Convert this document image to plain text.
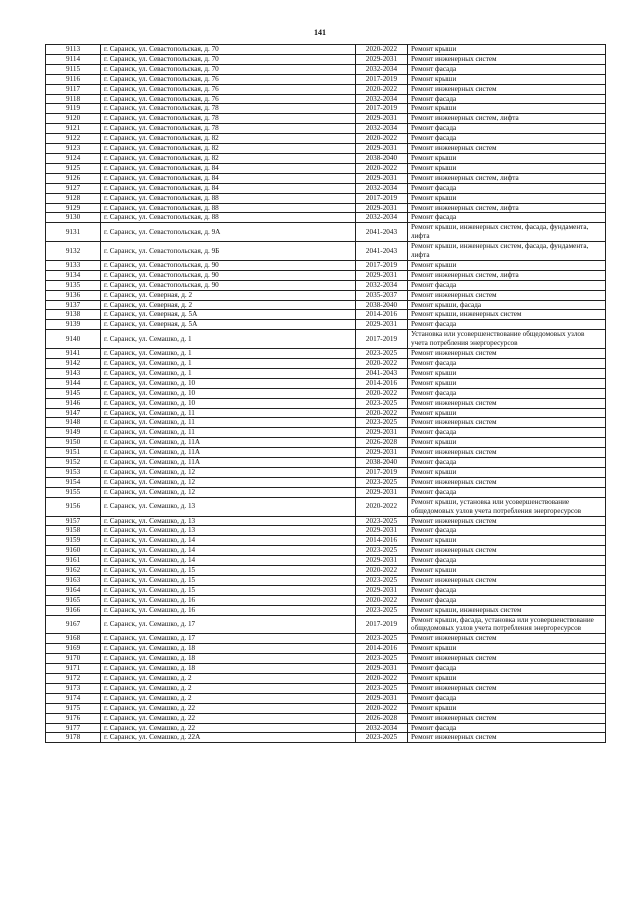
141
9113	г. Саранск, ул. Севастопольская, д. 70	2020-2022	Ремонт крыши
9114	г. Саранск, ул. Севастопольская, д. 70	2029-2031	Ремонт инженерных систем
9115	г. Саранск, ул. Севастопольская, д. 70	2032-2034	Ремонт фасада
9116	г. Саранск, ул. Севастопольская, д. 76	2017-2019	Ремонт крыши
9117	г. Саранск, ул. Севастопольская, д. 76	2020-2022	Ремонт инженерных систем
9118	г. Саранск, ул. Севастопольская, д. 76	2032-2034	Ремонт фасада
9119	г. Саранск, ул. Севастопольская, д. 78	2017-2019	Ремонт крыши
9120	г. Саранск, ул. Севастопольская, д. 78	2029-2031	Ремонт инженерных систем, лифта
9121	г. Саранск, ул. Севастопольская, д. 78	2032-2034	Ремонт фасада
9122	г. Саранск, ул. Севастопольская, д. 82	2020-2022	Ремонт фасада
9123	г. Саранск, ул. Севастопольская, д. 82	2029-2031	Ремонт инженерных систем
9124	г. Саранск, ул. Севастопольская, д. 82	2038-2040	Ремонт крыши
9125	г. Саранск, ул. Севастопольская, д. 84	2020-2022	Ремонт крыши
9126	г. Саранск, ул. Севастопольская, д. 84	2029-2031	Ремонт инженерных систем, лифта
9127	г. Саранск, ул. Севастопольская, д. 84	2032-2034	Ремонт фасада
9128	г. Саранск, ул. Севастопольская, д. 88	2017-2019	Ремонт крыши
9129	г. Саранск, ул. Севастопольская, д. 88	2029-2031	Ремонт инженерных систем, лифта
9130	г. Саранск, ул. Севастопольская, д. 88	2032-2034	Ремонт фасада
9131	г. Саранск, ул. Севастопольская, д. 9А	2041-2043	Ремонт крыши, инженерных систем, фасада, фундамента, лифта
9132	г. Саранск, ул. Севастопольская, д. 9Б	2041-2043	Ремонт крыши, инженерных систем, фасада, фундамента, лифта
9133	г. Саранск, ул. Севастопольская, д. 90	2017-2019	Ремонт крыши
9134	г. Саранск, ул. Севастопольская, д. 90	2029-2031	Ремонт инженерных систем, лифта
9135	г. Саранск, ул. Севастопольская, д. 90	2032-2034	Ремонт фасада
9136	г. Саранск, ул. Северная, д. 2	2035-2037	Ремонт инженерных систем
9137	г. Саранск, ул. Северная, д. 2	2038-2040	Ремонт крыши, фасада
9138	г. Саранск, ул. Северная, д. 5А	2014-2016	Ремонт крыши, инженерных систем
9139	г. Саранск, ул. Северная, д. 5А	2029-2031	Ремонт фасада
9140	г. Саранск, ул. Семашко, д. 1	2017-2019	Установка или усовершенствование общедомовых узлов учета потребления энергоресурсов
9141	г. Саранск, ул. Семашко, д. 1	2023-2025	Ремонт инженерных систем
9142	г. Саранск, ул. Семашко, д. 1	2020-2022	Ремонт фасада
9143	г. Саранск, ул. Семашко, д. 1	2041-2043	Ремонт крыши
9144	г. Саранск, ул. Семашко, д. 10	2014-2016	Ремонт крыши
9145	г. Саранск, ул. Семашко, д. 10	2020-2022	Ремонт фасада
9146	г. Саранск, ул. Семашко, д. 10	2023-2025	Ремонт инженерных систем
9147	г. Саранск, ул. Семашко, д. 11	2020-2022	Ремонт крыши
9148	г. Саранск, ул. Семашко, д. 11	2023-2025	Ремонт инженерных систем
9149	г. Саранск, ул. Семашко, д. 11	2029-2031	Ремонт фасада
9150	г. Саранск, ул. Семашко, д. 11А	2026-2028	Ремонт крыши
9151	г. Саранск, ул. Семашко, д. 11А	2029-2031	Ремонт инженерных систем
9152	г. Саранск, ул. Семашко, д. 11А	2038-2040	Ремонт фасада
9153	г. Саранск, ул. Семашко, д. 12	2017-2019	Ремонт крыши
9154	г. Саранск, ул. Семашко, д. 12	2023-2025	Ремонт инженерных систем
9155	г. Саранск, ул. Семашко, д. 12	2029-2031	Ремонт фасада
9156	г. Саранск, ул. Семашко, д. 13	2020-2022	Ремонт крыши, установка или усовершенствование общедомовых узлов учета потребления энергоресурсов
9157	г. Саранск, ул. Семашко, д. 13	2023-2025	Ремонт инженерных систем
9158	г. Саранск, ул. Семашко, д. 13	2029-2031	Ремонт фасада
9159	г. Саранск, ул. Семашко, д. 14	2014-2016	Ремонт крыши
9160	г. Саранск, ул. Семашко, д. 14	2023-2025	Ремонт инженерных систем
9161	г. Саранск, ул. Семашко, д. 14	2029-2031	Ремонт фасада
9162	г. Саранск, ул. Семашко, д. 15	2020-2022	Ремонт крыши
9163	г. Саранск, ул. Семашко, д. 15	2023-2025	Ремонт инженерных систем
9164	г. Саранск, ул. Семашко, д. 15	2029-2031	Ремонт фасада
9165	г. Саранск, ул. Семашко, д. 16	2020-2022	Ремонт фасада
9166	г. Саранск, ул. Семашко, д. 16	2023-2025	Ремонт крыши, инженерных систем
9167	г. Саранск, ул. Семашко, д. 17	2017-2019	Ремонт крыши, фасада, установка или усовершенствование общедомовых узлов учета потребления энергоресурсов
9168	г. Саранск, ул. Семашко, д. 17	2023-2025	Ремонт инженерных систем
9169	г. Саранск, ул. Семашко, д. 18	2014-2016	Ремонт крыши
9170	г. Саранск, ул. Семашко, д. 18	2023-2025	Ремонт инженерных систем
9171	г. Саранск, ул. Семашко, д. 18	2029-2031	Ремонт фасада
9172	г. Саранск, ул. Семашко, д. 2	2020-2022	Ремонт крыши
9173	г. Саранск, ул. Семашко, д. 2	2023-2025	Ремонт инженерных систем
9174	г. Саранск, ул. Семашко, д. 2	2029-2031	Ремонт фасада
9175	г. Саранск, ул. Семашко, д. 22	2020-2022	Ремонт крыши
9176	г. Саранск, ул. Семашко, д. 22	2026-2028	Ремонт инженерных систем
9177	г. Саранск, ул. Семашко, д. 22	2032-2034	Ремонт фасада
9178	г. Саранск, ул. Семашко, д. 22А	2023-2025	Ремонт инженерных систем
